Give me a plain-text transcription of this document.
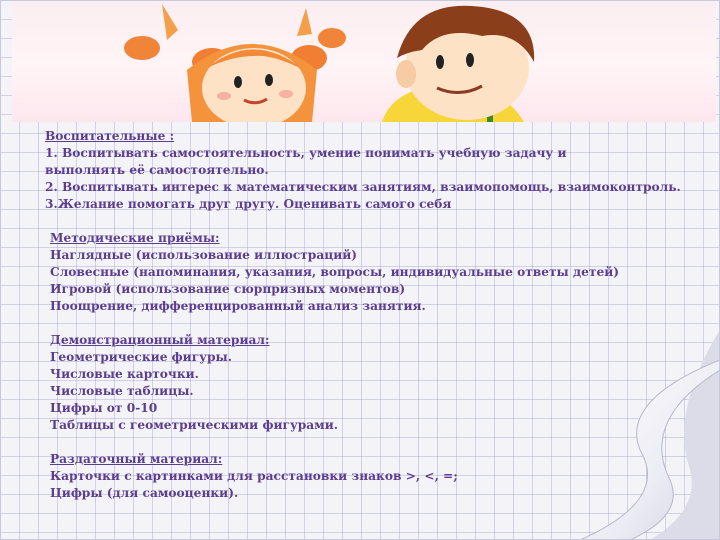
Воспитательные :
1. Воспитывать самостоятельность, умение понимать учебную задачу и выполнять её самостоятельно.
2. Воспитывать интерес к математическим занятиям, взаимопомощь, взаимоконтроль.
3.Желание помогать друг другу. Оценивать самого себя
Методические приёмы:
Наглядные (использование иллюстраций)
Словесные (напоминания, указания, вопросы, индивидуальные ответы детей)
Игровой (использование сюрпризных моментов)
Поощрение, дифференцированный анализ занятия.
Демонстрационный материал:
Геометрические фигуры.
Числовые карточки.
Числовые таблицы.
Цифры от 0-10
Таблицы с геометрическими фигурами.
Раздаточный материал:
Карточки с картинками для расстановки знаков >, <, =;
Цифры (для самооценки).
